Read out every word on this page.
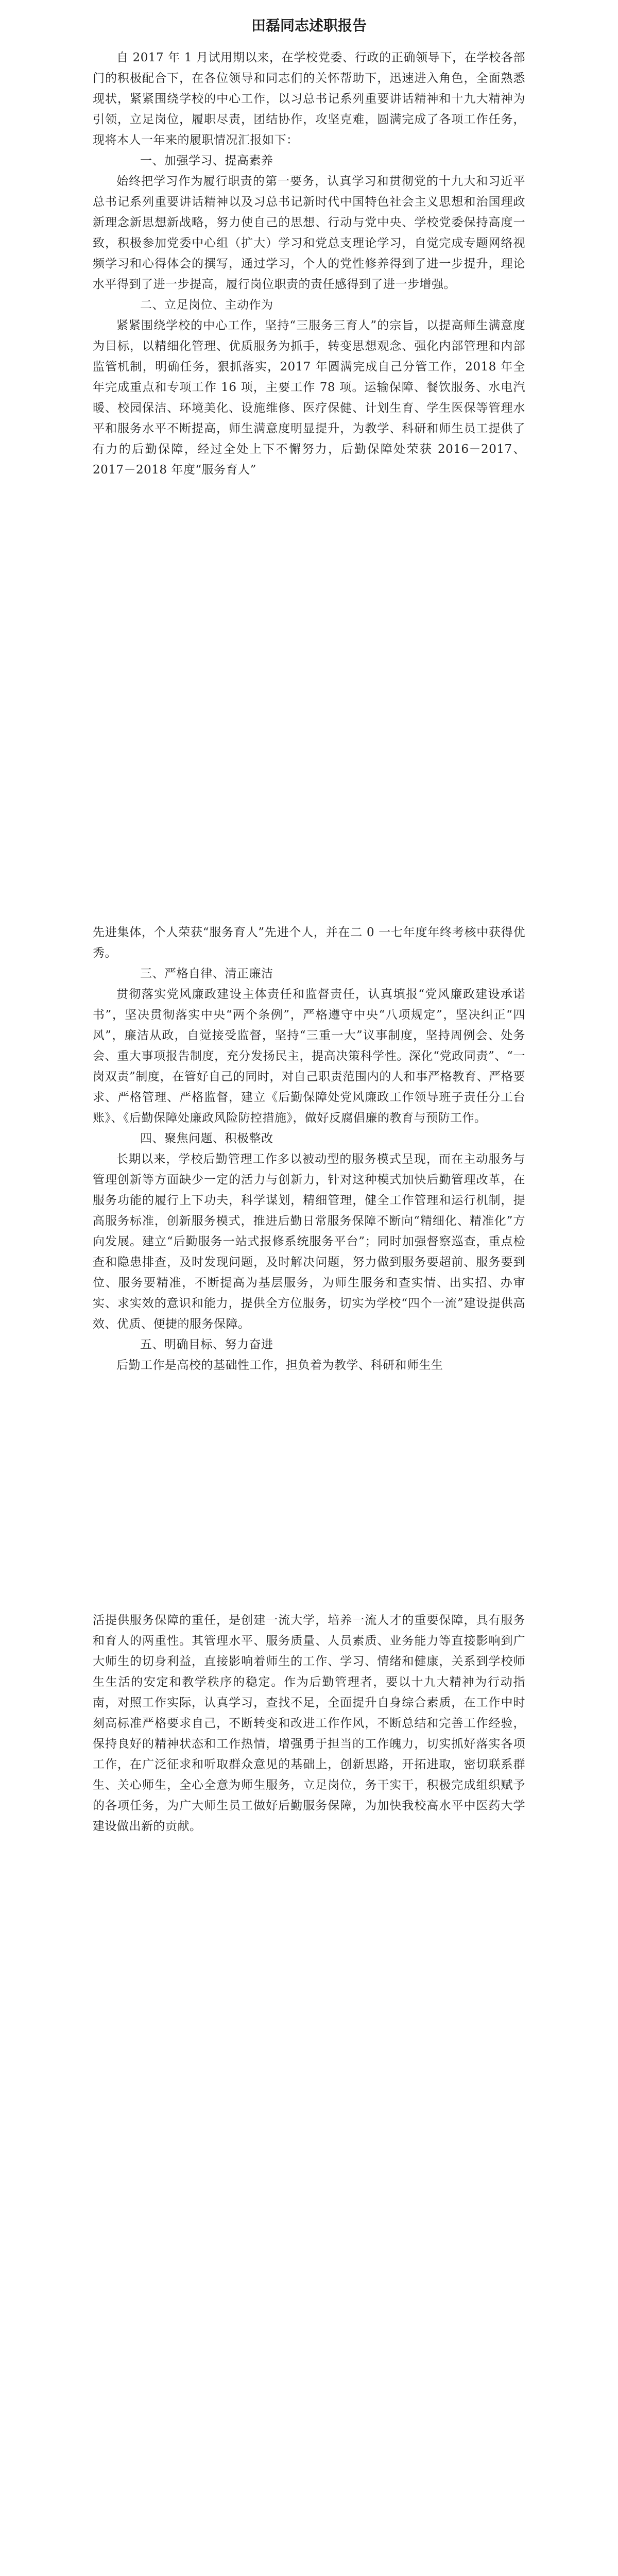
田磊同志述职报告

自 2017 年 1 月试用期以来，在学校党委、行政的正确领导下，在学校各部门的积极配合下，在各位领导和同志们的关怀帮助下，迅速进入角色，全面熟悉现状，紧紧围绕学校的中心工作，以习总书记系列重要讲话精神和十九大精神为引领，立足岗位，履职尽责，团结协作，攻坚克难，圆满完成了各项工作任务，现将本人一年来的履职情况汇报如下：

一、加强学习、提高素养

始终把学习作为履行职责的第一要务，认真学习和贯彻党的十九大和习近平总书记系列重要讲话精神以及习总书记新时代中国特色社会主义思想和治国理政新理念新思想新战略，努力使自己的思想、行动与党中央、学校党委保持高度一致，积极参加党委中心组（扩大）学习和党总支理论学习，自觉完成专题网络视频学习和心得体会的撰写，通过学习，个人的党性修养得到了进一步提升，理论水平得到了进一步提高，履行岗位职责的责任感得到了进一步增强。

二、立足岗位、主动作为

紧紧围绕学校的中心工作，坚持“三服务三育人”的宗旨，以提高师生满意度为目标，以精细化管理、优质服务为抓手，转变思想观念、强化内部管理和内部监管机制，明确任务，狠抓落实，2017 年圆满完成自己分管工作，2018 年全年完成重点和专项工作 16 项，主要工作 78 项。运输保障、餐饮服务、水电汽暖、校园保洁、环境美化、设施维修、医疗保健、计划生育、学生医保等管理水平和服务水平不断提高，师生满意度明显提升，为教学、科研和师生员工提供了有力的后勤保障，经过全处上下不懈努力，后勤保障处荣获 2016－2017、2017－2018 年度“服务育人”

先进集体，个人荣获“服务育人”先进个人，并在二 0 一七年度年终考核中获得优秀。

三、严格自律、清正廉洁

贯彻落实党风廉政建设主体责任和监督责任，认真填报“党风廉政建设承诺书”，坚决贯彻落实中央“两个条例”，严格遵守中央“八项规定”，坚决纠正“四风”，廉洁从政，自觉接受监督，坚持“三重一大”议事制度，坚持周例会、处务会、重大事项报告制度，充分发扬民主，提高决策科学性。深化“党政同责”、“一岗双责”制度，在管好自己的同时，对自己职责范围内的人和事严格教育、严格要求、严格管理、严格监督，建立《后勤保障处党风廉政工作领导班子责任分工台账》、《后勤保障处廉政风险防控措施》，做好反腐倡廉的教育与预防工作。

四、聚焦问题、积极整改

长期以来，学校后勤管理工作多以被动型的服务模式呈现，而在主动服务与管理创新等方面缺少一定的活力与创新力，针对这种模式加快后勤管理改革，在服务功能的履行上下功夫，科学谋划，精细管理，健全工作管理和运行机制，提高服务标准，创新服务模式，推进后勤日常服务保障不断向“精细化、精准化”方向发展。建立“后勤服务一站式报修系统服务平台”；同时加强督察巡查，重点检查和隐患排查，及时发现问题，及时解决问题，努力做到服务要超前、服务要到位、服务要精准，不断提高为基层服务，为师生服务和查实情、出实招、办审实、求实效的意识和能力，提供全方位服务，切实为学校“四个一流”建设提供高效、优质、便捷的服务保障。

五、明确目标、努力奋进

后勤工作是高校的基础性工作，担负着为教学、科研和师生生

活提供服务保障的重任，是创建一流大学，培养一流人才的重要保障，具有服务和育人的两重性。其管理水平、服务质量、人员素质、业务能力等直接影响到广大师生的切身利益，直接影响着师生的工作、学习、情绪和健康，关系到学校师生生活的安定和教学秩序的稳定。作为后勤管理者，要以十九大精神为行动指南，对照工作实际，认真学习，查找不足，全面提升自身综合素质，在工作中时刻高标准严格要求自己，不断转变和改进工作作风，不断总结和完善工作经验，保持良好的精神状态和工作热情，增强勇于担当的工作魄力，切实抓好落实各项工作，在广泛征求和听取群众意见的基础上，创新思路，开拓进取，密切联系群生、关心师生，全心全意为师生服务，立足岗位，务干实干，积极完成组织赋予的各项任务，为广大师生员工做好后勤服务保障，为加快我校高水平中医药大学建设做出新的贡献。
